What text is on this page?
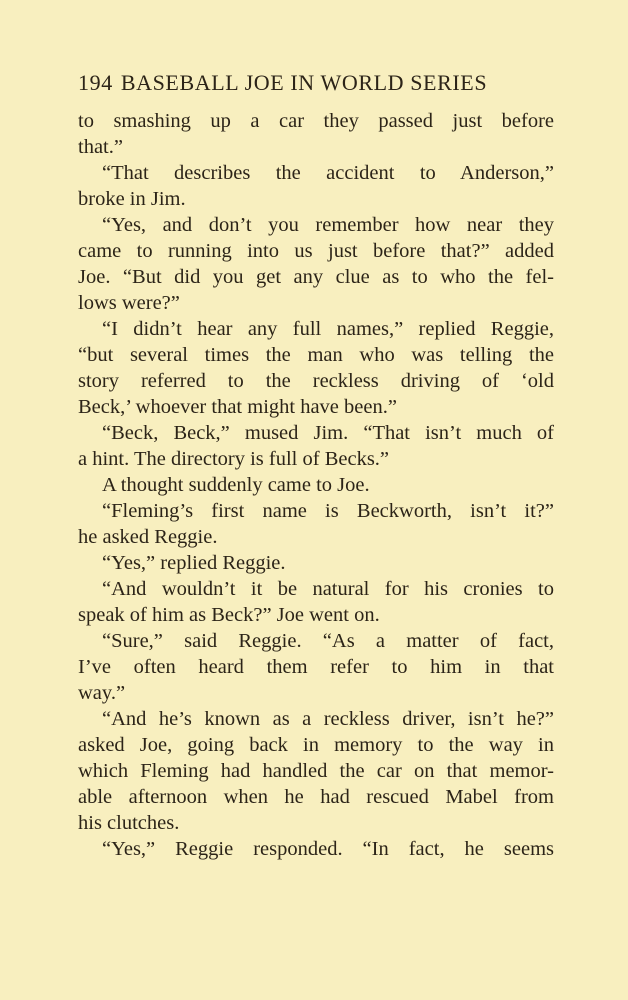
194 BASEBALL JOE IN WORLD SERIES
to smashing up a car they passed just before
that.”
“That describes the accident to Anderson,”
broke in Jim.
“Yes, and don’t you remember how near they
came to running into us just before that?” added
Joe. “But did you get any clue as to who the fel-
lows were?”
“I didn’t hear any full names,” replied Reggie,
“but several times the man who was telling the
story referred to the reckless driving of ‘old
Beck,’ whoever that might have been.”
“Beck, Beck,” mused Jim. “That isn’t much of
a hint. The directory is full of Becks.”
A thought suddenly came to Joe.
“Fleming’s first name is Beckworth, isn’t it?”
he asked Reggie.
“Yes,” replied Reggie.
“And wouldn’t it be natural for his cronies to
speak of him as Beck?” Joe went on.
“Sure,” said Reggie. “As a matter of fact,
I’ve often heard them refer to him in that
way.”
“And he’s known as a reckless driver, isn’t he?”
asked Joe, going back in memory to the way in
which Fleming had handled the car on that memor-
able afternoon when he had rescued Mabel from
his clutches.
“Yes,” Reggie responded. “In fact, he seems
